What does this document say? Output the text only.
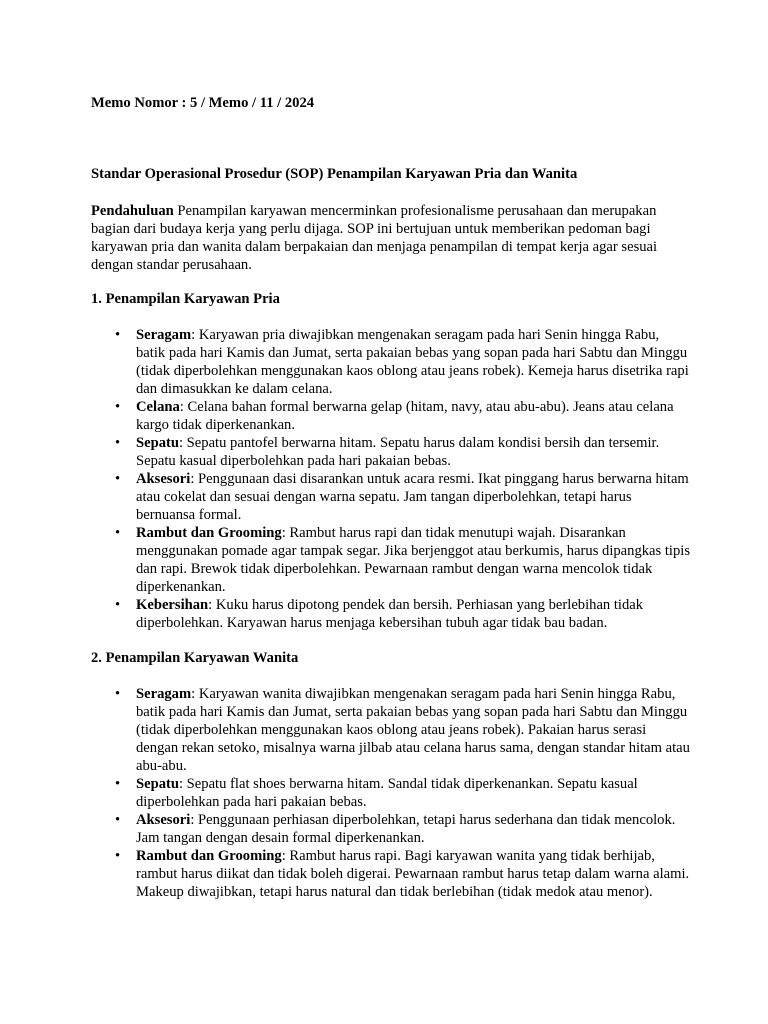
Memo Nomor : 5 / Memo / 11 / 2024
Standar Operasional Prosedur (SOP) Penampilan Karyawan Pria dan Wanita

Pendahuluan Penampilan karyawan mencerminkan profesionalisme perusahaan dan merupakan bagian dari budaya kerja yang perlu dijaga. SOP ini bertujuan untuk memberikan pedoman bagi karyawan pria dan wanita dalam berpakaian dan menjaga penampilan di tempat kerja agar sesuai dengan standar perusahaan.

1. Penampilan Karyawan Pria
• Seragam: Karyawan pria diwajibkan mengenakan seragam pada hari Senin hingga Rabu, batik pada hari Kamis dan Jumat, serta pakaian bebas yang sopan pada hari Sabtu dan Minggu (tidak diperbolehkan menggunakan kaos oblong atau jeans robek). Kemeja harus disetrika rapi dan dimasukkan ke dalam celana.
• Celana: Celana bahan formal berwarna gelap (hitam, navy, atau abu-abu). Jeans atau celana kargo tidak diperkenankan.
• Sepatu: Sepatu pantofel berwarna hitam. Sepatu harus dalam kondisi bersih dan tersemir. Sepatu kasual diperbolehkan pada hari pakaian bebas.
• Aksesori: Penggunaan dasi disarankan untuk acara resmi. Ikat pinggang harus berwarna hitam atau cokelat dan sesuai dengan warna sepatu. Jam tangan diperbolehkan, tetapi harus bernuansa formal.
• Rambut dan Grooming: Rambut harus rapi dan tidak menutupi wajah. Disarankan menggunakan pomade agar tampak segar. Jika berjenggot atau berkumis, harus dipangkas tipis dan rapi. Brewok tidak diperbolehkan. Pewarnaan rambut dengan warna mencolok tidak diperkenankan.
• Kebersihan: Kuku harus dipotong pendek dan bersih. Perhiasan yang berlebihan tidak diperbolehkan. Karyawan harus menjaga kebersihan tubuh agar tidak bau badan.
2. Penampilan Karyawan Wanita
• Seragam: Karyawan wanita diwajibkan mengenakan seragam pada hari Senin hingga Rabu, batik pada hari Kamis dan Jumat, serta pakaian bebas yang sopan pada hari Sabtu dan Minggu (tidak diperbolehkan menggunakan kaos oblong atau jeans robek). Pakaian harus serasi dengan rekan setoko, misalnya warna jilbab atau celana harus sama, dengan standar hitam atau abu-abu.
• Sepatu: Sepatu flat shoes berwarna hitam. Sandal tidak diperkenankan. Sepatu kasual diperbolehkan pada hari pakaian bebas.
• Aksesori: Penggunaan perhiasan diperbolehkan, tetapi harus sederhana dan tidak mencolok. Jam tangan dengan desain formal diperkenankan.
• Rambut dan Grooming: Rambut harus rapi. Bagi karyawan wanita yang tidak berhijab, rambut harus diikat dan tidak boleh digerai. Pewarnaan rambut harus tetap dalam warna alami. Makeup diwajibkan, tetapi harus natural dan tidak berlebihan (tidak medok atau menor).
